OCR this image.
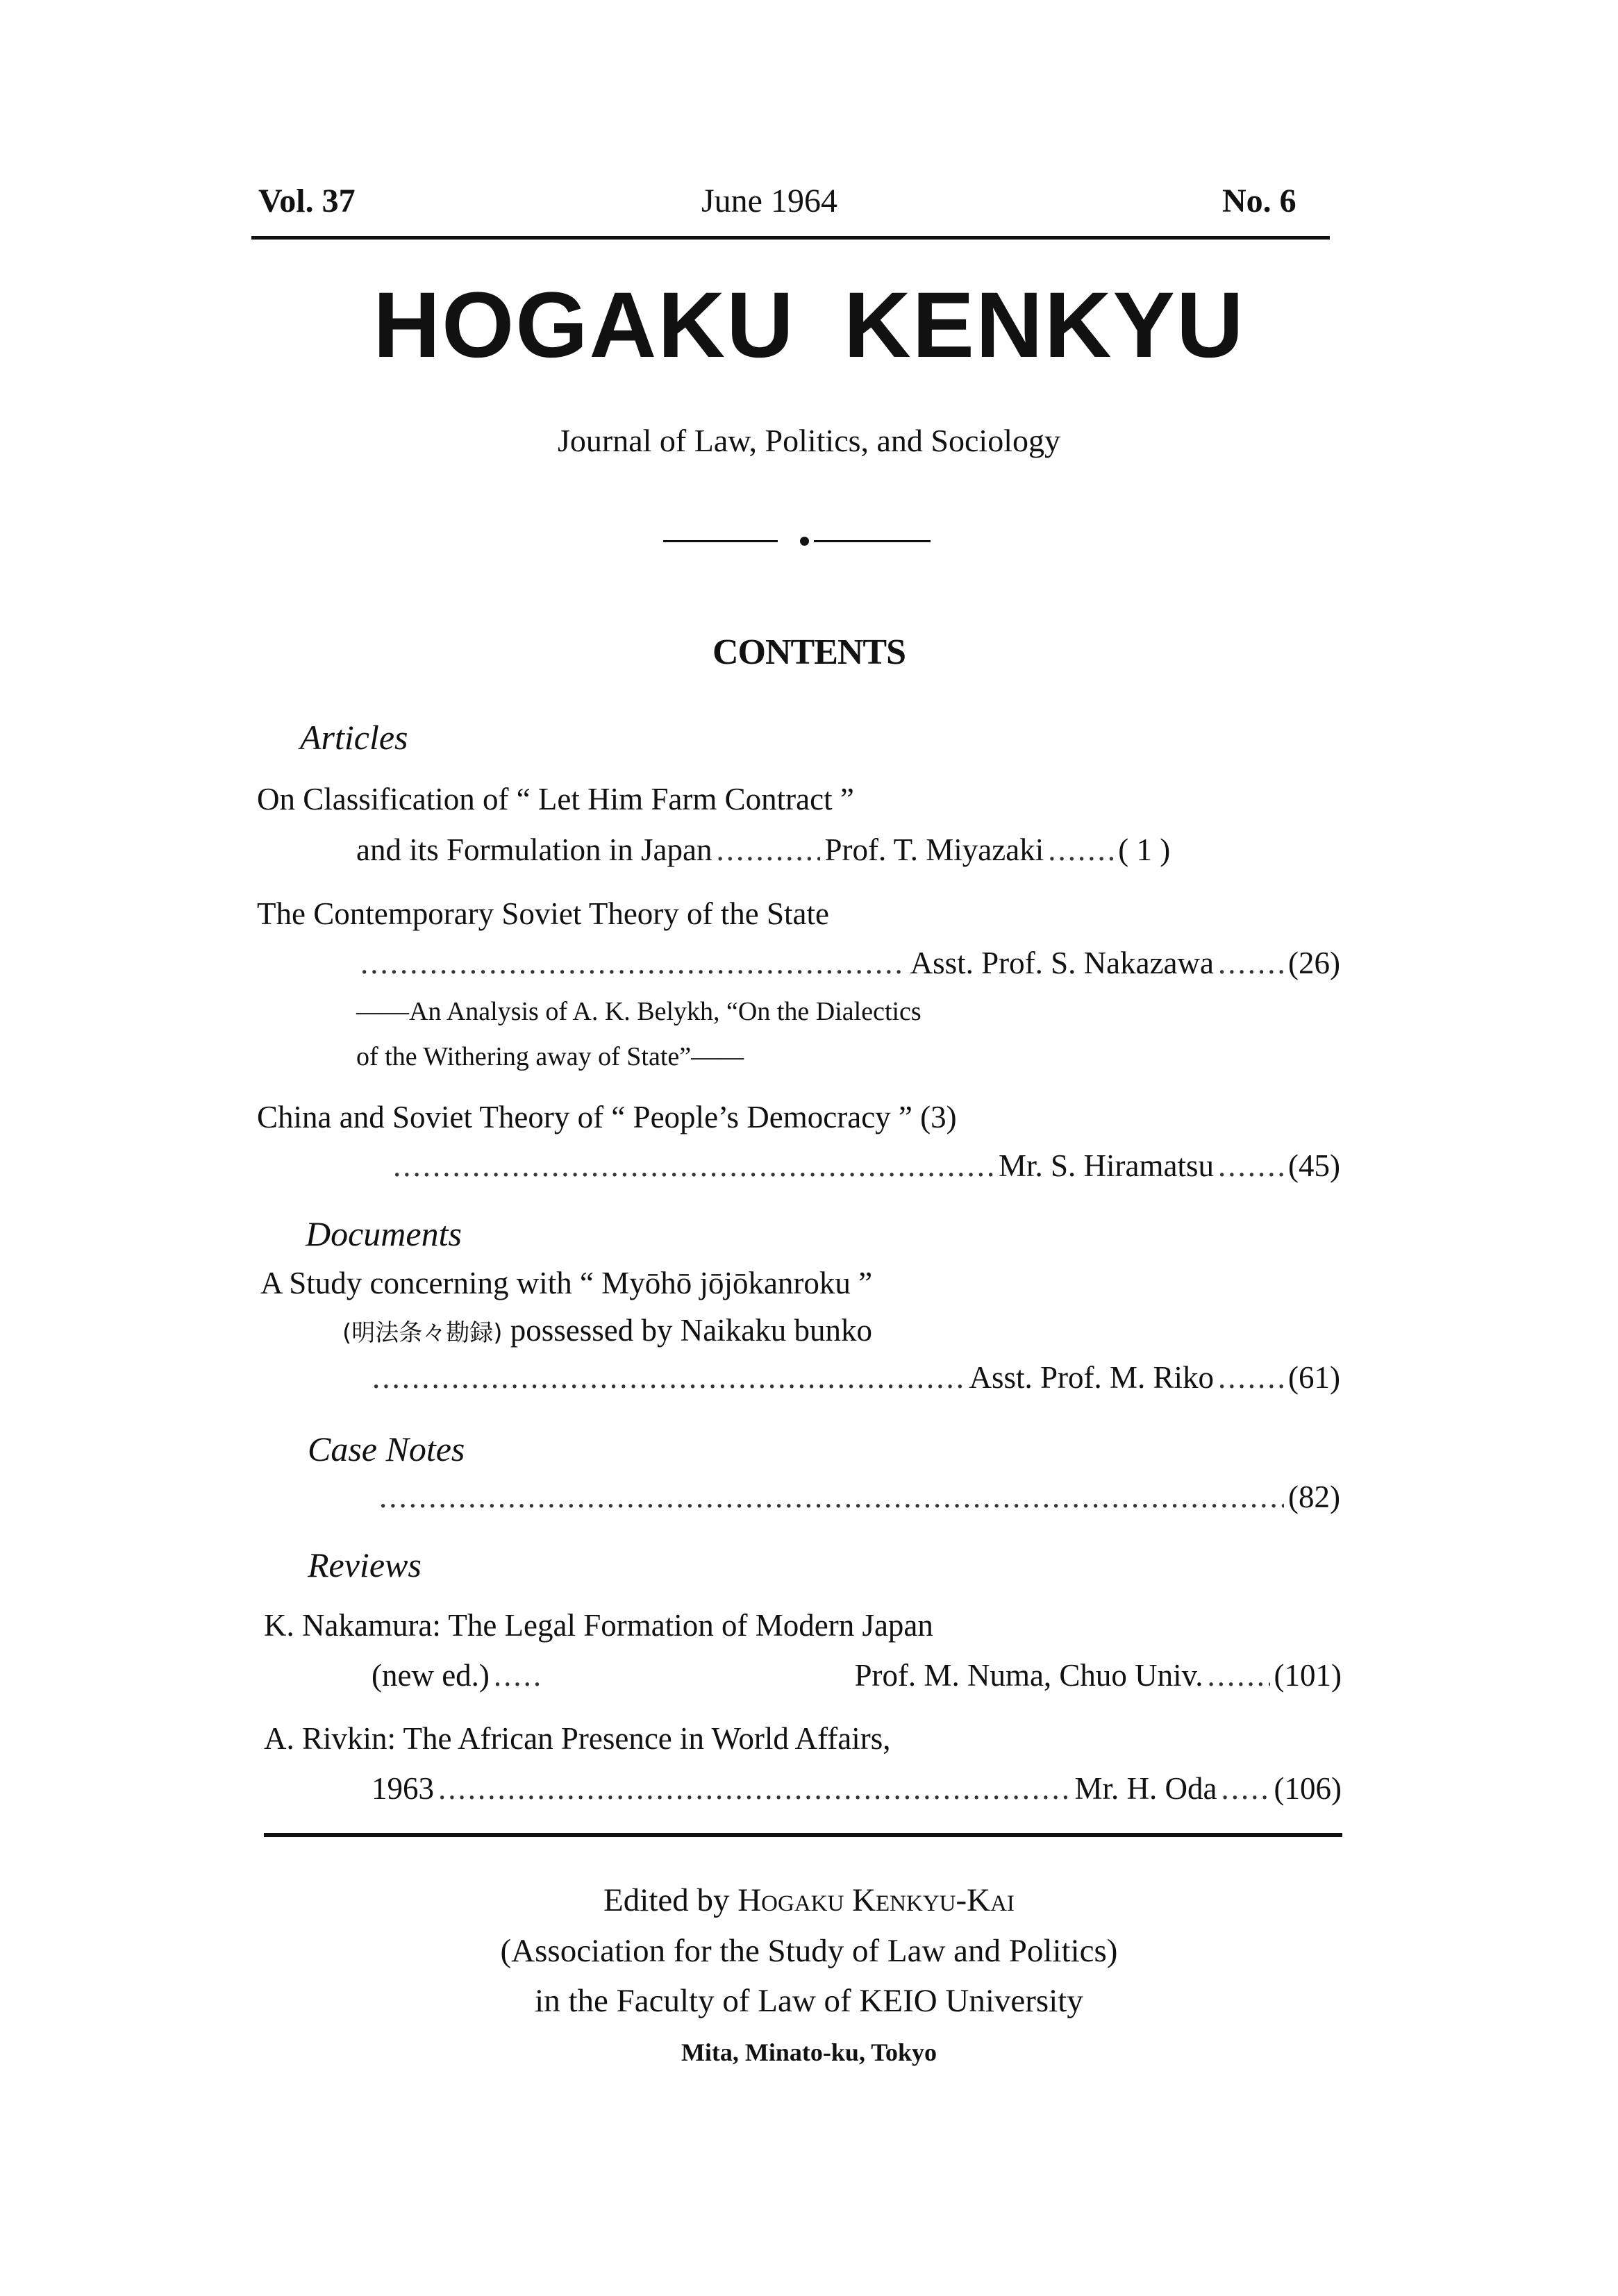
Vol. 37	June 1964	No. 6
HOGAKU KENKYU
Journal of Law, Politics, and Sociology
CONTENTS
Articles
On Classification of “ Let Him Farm Contract ”
and its Formulation in Japan .....	Prof. T. Miyazaki ..... ( 1 )
The Contemporary Soviet Theory of the State
.....
Asst. Prof. S. Nakazawa ..... (26)
——An Analysis of A. K. Belykh, “On the Dialectics
of the Withering away of State”——
China and Soviet Theory of “ People’s Democracy ” (3)
.....
Mr. S. Hiramatsu ..... (45)
Documents
A Study concerning with “ Myōhō jōjōkanroku ”
(明法条々勘録) possessed by Naikaku bunko
.....
Asst. Prof. M. Riko ..... (61)
Case Notes
.....
(82)
Reviews
K. Nakamura: The Legal Formation of Modern Japan
(new ed.) .....	Prof. M. Numa, Chuo Univ. ..... (101)
A. Rivkin: The African Presence in World Affairs,
1963 .....	Mr. H. Oda ..... (106)
Edited by Hogaku Kenkyu-Kai
(Association for the Study of Law and Politics)
in the Faculty of Law of KEIO University
Mita, Minato-ku, Tokyo
